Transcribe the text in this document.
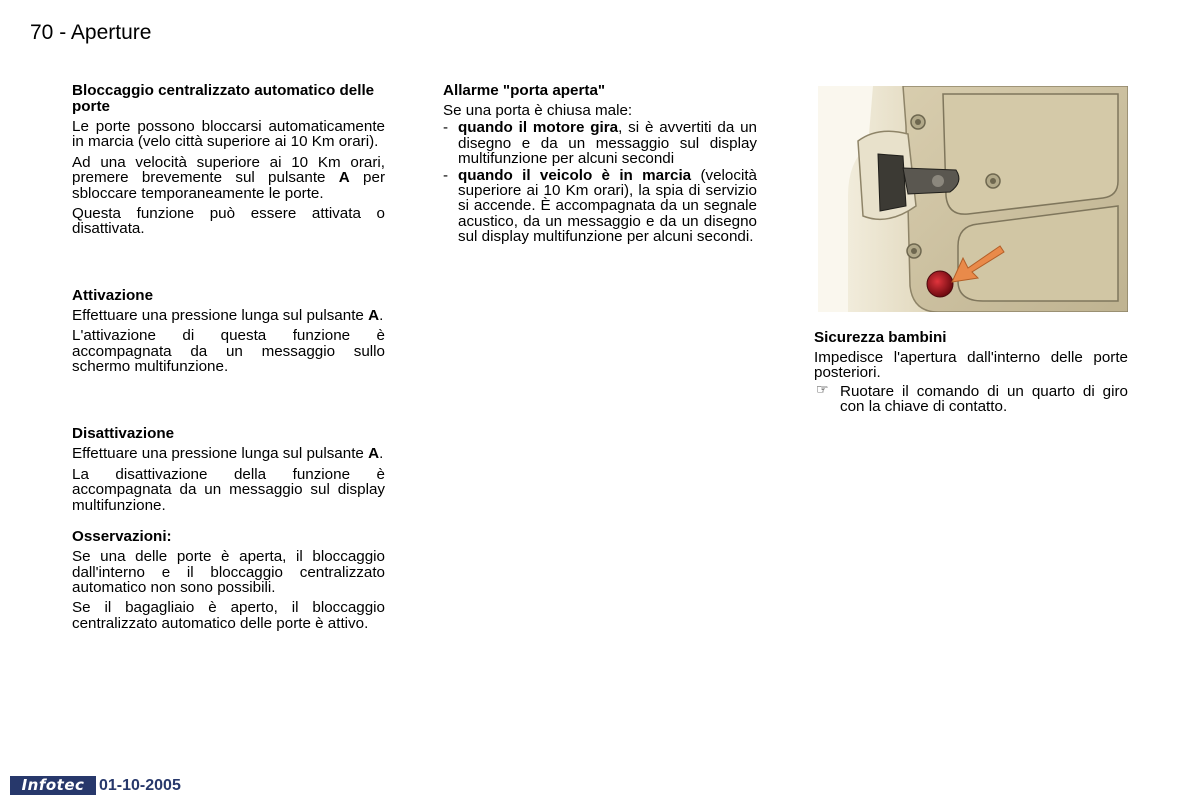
70 - Aperture
Bloccaggio centralizzato automatico delle porte

Le porte possono bloccarsi automaticamente in marcia (velo città superiore ai 10 Km orari).

Ad una velocità superiore ai 10 Km orari, premere brevemente sul pulsante A per sbloccare temporaneamente le porte.

Questa funzione può essere attivata o disattivata.

Attivazione

Effettuare una pressione lunga sul pulsante A.

L'attivazione di questa funzione è accompagnata da un messaggio sullo schermo multifunzione.

Disattivazione

Effettuare una pressione lunga sul pulsante A.

La disattivazione della funzione è accompagnata da un messaggio sul display multifunzione.

Osservazioni:

Se una delle porte è aperta, il bloccaggio dall'interno e il bloccaggio centralizzato automatico non sono possibili.

Se il bagagliaio è aperto, il bloccaggio centralizzato automatico delle porte è attivo.

Allarme "porta aperta"

Se una porta è chiusa male:

- quando il motore gira, si è avvertiti da un disegno e da un messaggio sul display multifunzione per alcuni secondi
- quando il veicolo è in marcia (velocità superiore ai 10 Km orari), la spia di servizio si accende. È accompagnata da un segnale acustico, da un messaggio e da un disegno sul display multifunzione per alcuni secondi.
Sicurezza bambini

Impedisce l'apertura dall'interno delle porte posteriori.

☞ Ruotare il comando di un quarto di giro con la chiave di contatto.
Infotec 01-10-2005
